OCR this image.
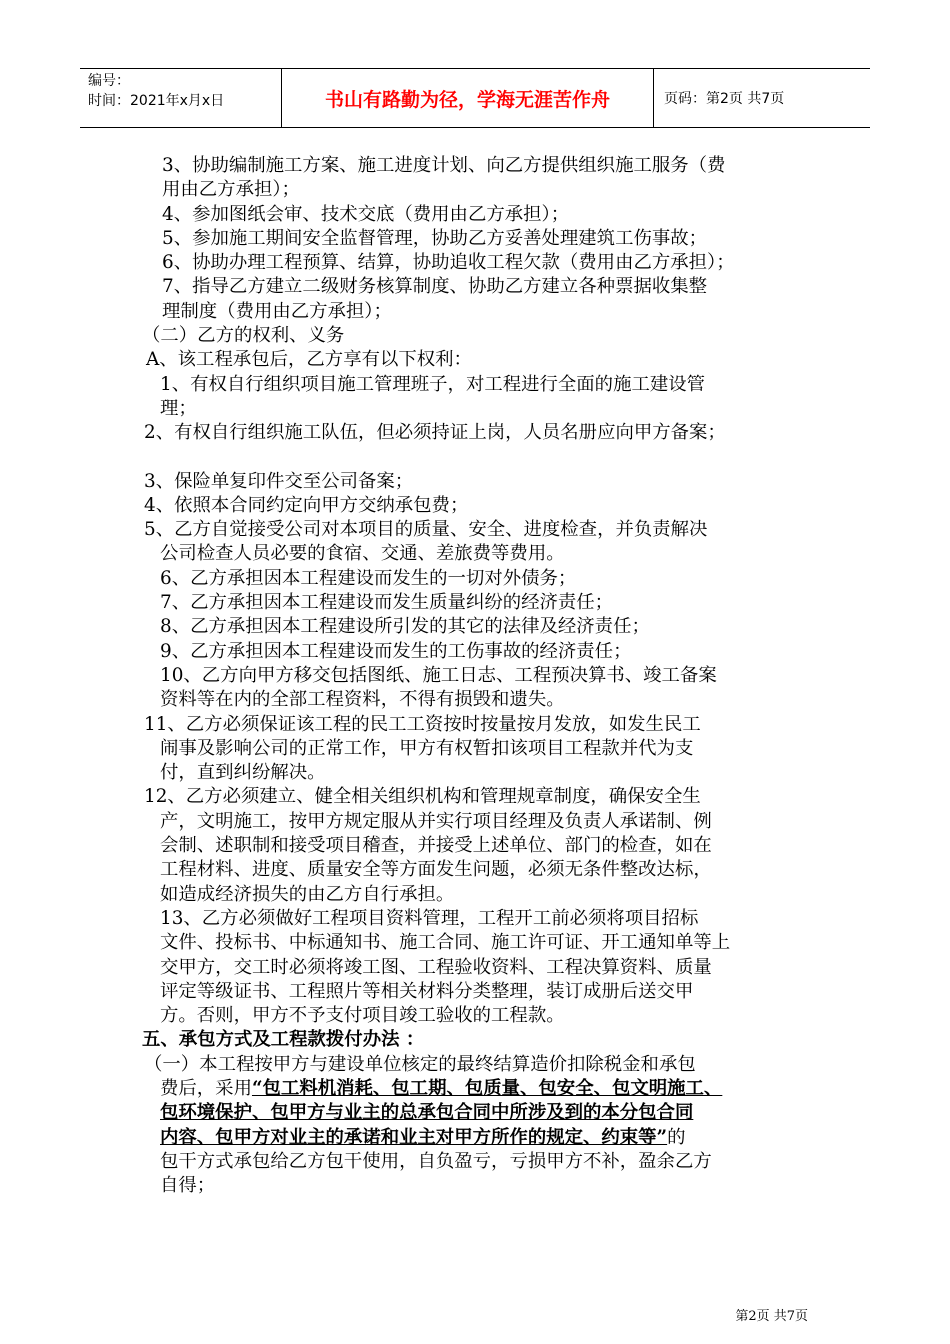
编号：
时间：2021年x月x日	书山有路勤为径，学海无涯苦作舟	页码：第2页 共7页

3、协助编制施工方案、施工进度计划、向乙方提供组织施工服务（费

用由乙方承担）；

4、参加图纸会审、技术交底（费用由乙方承担）；

5、参加施工期间安全监督管理，协助乙方妥善处理建筑工伤事故；

6、协助办理工程预算、结算，协助追收工程欠款（费用由乙方承担）；

7、指导乙方建立二级财务核算制度、协助乙方建立各种票据收集整

理制度（费用由乙方承担）；

（二）乙方的权利、义务

A、该工程承包后，乙方享有以下权利：

1、有权自行组织项目施工管理班子，对工程进行全面的施工建设管

理；

2、有权自行组织施工队伍，但必须持证上岗，人员名册应向甲方备案；

3、保险单复印件交至公司备案；

4、依照本合同约定向甲方交纳承包费；

5、乙方自觉接受公司对本项目的质量、安全、进度检查，并负责解决

公司检查人员必要的食宿、交通、差旅费等费用。

6、乙方承担因本工程建设而发生的一切对外债务；

7、乙方承担因本工程建设而发生质量纠纷的经济责任；

8、乙方承担因本工程建设所引发的其它的法律及经济责任；

9、乙方承担因本工程建设而发生的工伤事故的经济责任；

10、乙方向甲方移交包括图纸、施工日志、工程预决算书、竣工备案

资料等在内的全部工程资料，不得有损毁和遗失。

11、乙方必须保证该工程的民工工资按时按量按月发放，如发生民工

闹事及影响公司的正常工作，甲方有权暂扣该项目工程款并代为支

付，直到纠纷解决。

12、乙方必须建立、健全相关组织机构和管理规章制度，确保安全生

产，文明施工，按甲方规定服从并实行项目经理及负责人承诺制、例

会制、述职制和接受项目稽查，并接受上述单位、部门的检查，如在

工程材料、进度、质量安全等方面发生问题，必须无条件整改达标，

如造成经济损失的由乙方自行承担。

13、乙方必须做好工程项目资料管理，工程开工前必须将项目招标

文件、投标书、中标通知书、施工合同、施工许可证、开工通知单等上

交甲方，交工时必须将竣工图、工程验收资料、工程决算资料、质量

评定等级证书、工程照片等相关材料分类整理，装订成册后送交甲

方。否则，甲方不予支付项目竣工验收的工程款。

五、承包方式及工程款拨付办法 ：

（一）本工程按甲方与建设单位核定的最终结算造价扣除税金和承包

费后，采用“包工料机消耗、包工期、包质量、包安全、包文明施工、

包环境保护、包甲方与业主的总承包合同中所涉及到的本分包合同

内容、包甲方对业主的承诺和业主对甲方所作的规定、约束等”的

包干方式承包给乙方包干使用，自负盈亏，亏损甲方不补，盈余乙方

自得；

第2页 共7页
